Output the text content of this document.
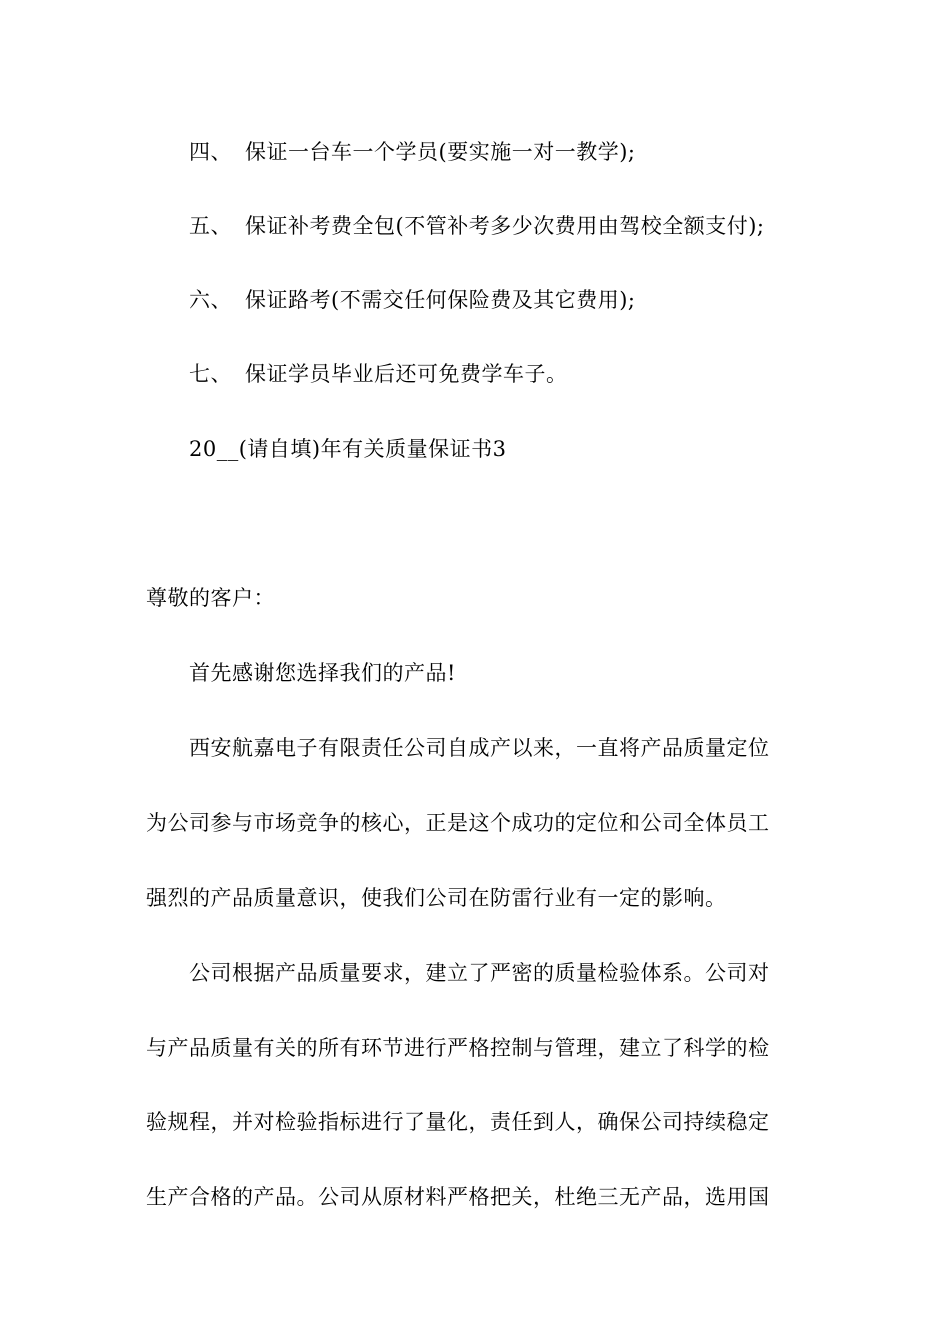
四、 保证一台车一个学员(要实施一对一教学);
五、 保证补考费全包(不管补考多少次费用由驾校全额支付);
六、 保证路考(不需交任何保险费及其它费用);
七、 保证学员毕业后还可免费学车子。
20__(请自填)年有关质量保证书3
尊敬的客户：
首先感谢您选择我们的产品!
西安航嘉电子有限责任公司自成产以来，一直将产品质量定位
为公司参与市场竞争的核心，正是这个成功的定位和公司全体员工
强烈的产品质量意识，使我们公司在防雷行业有一定的影响。
公司根据产品质量要求，建立了严密的质量检验体系。公司对
与产品质量有关的所有环节进行严格控制与管理，建立了科学的检
验规程，并对检验指标进行了量化，责任到人，确保公司持续稳定
生产合格的产品。公司从原材料严格把关，杜绝三无产品，选用国
